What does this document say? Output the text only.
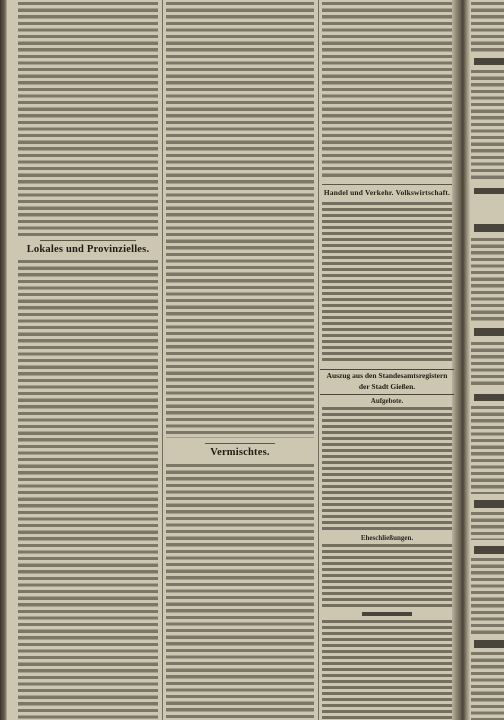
Lokales und Provinzielles.
Vermischtes.
Handel und Verkehr. Volkswirtschaft.
Auszug aus den Standesamtsregistern
der Stadt Gießen.
Aufgebote.
Eheschließungen.
